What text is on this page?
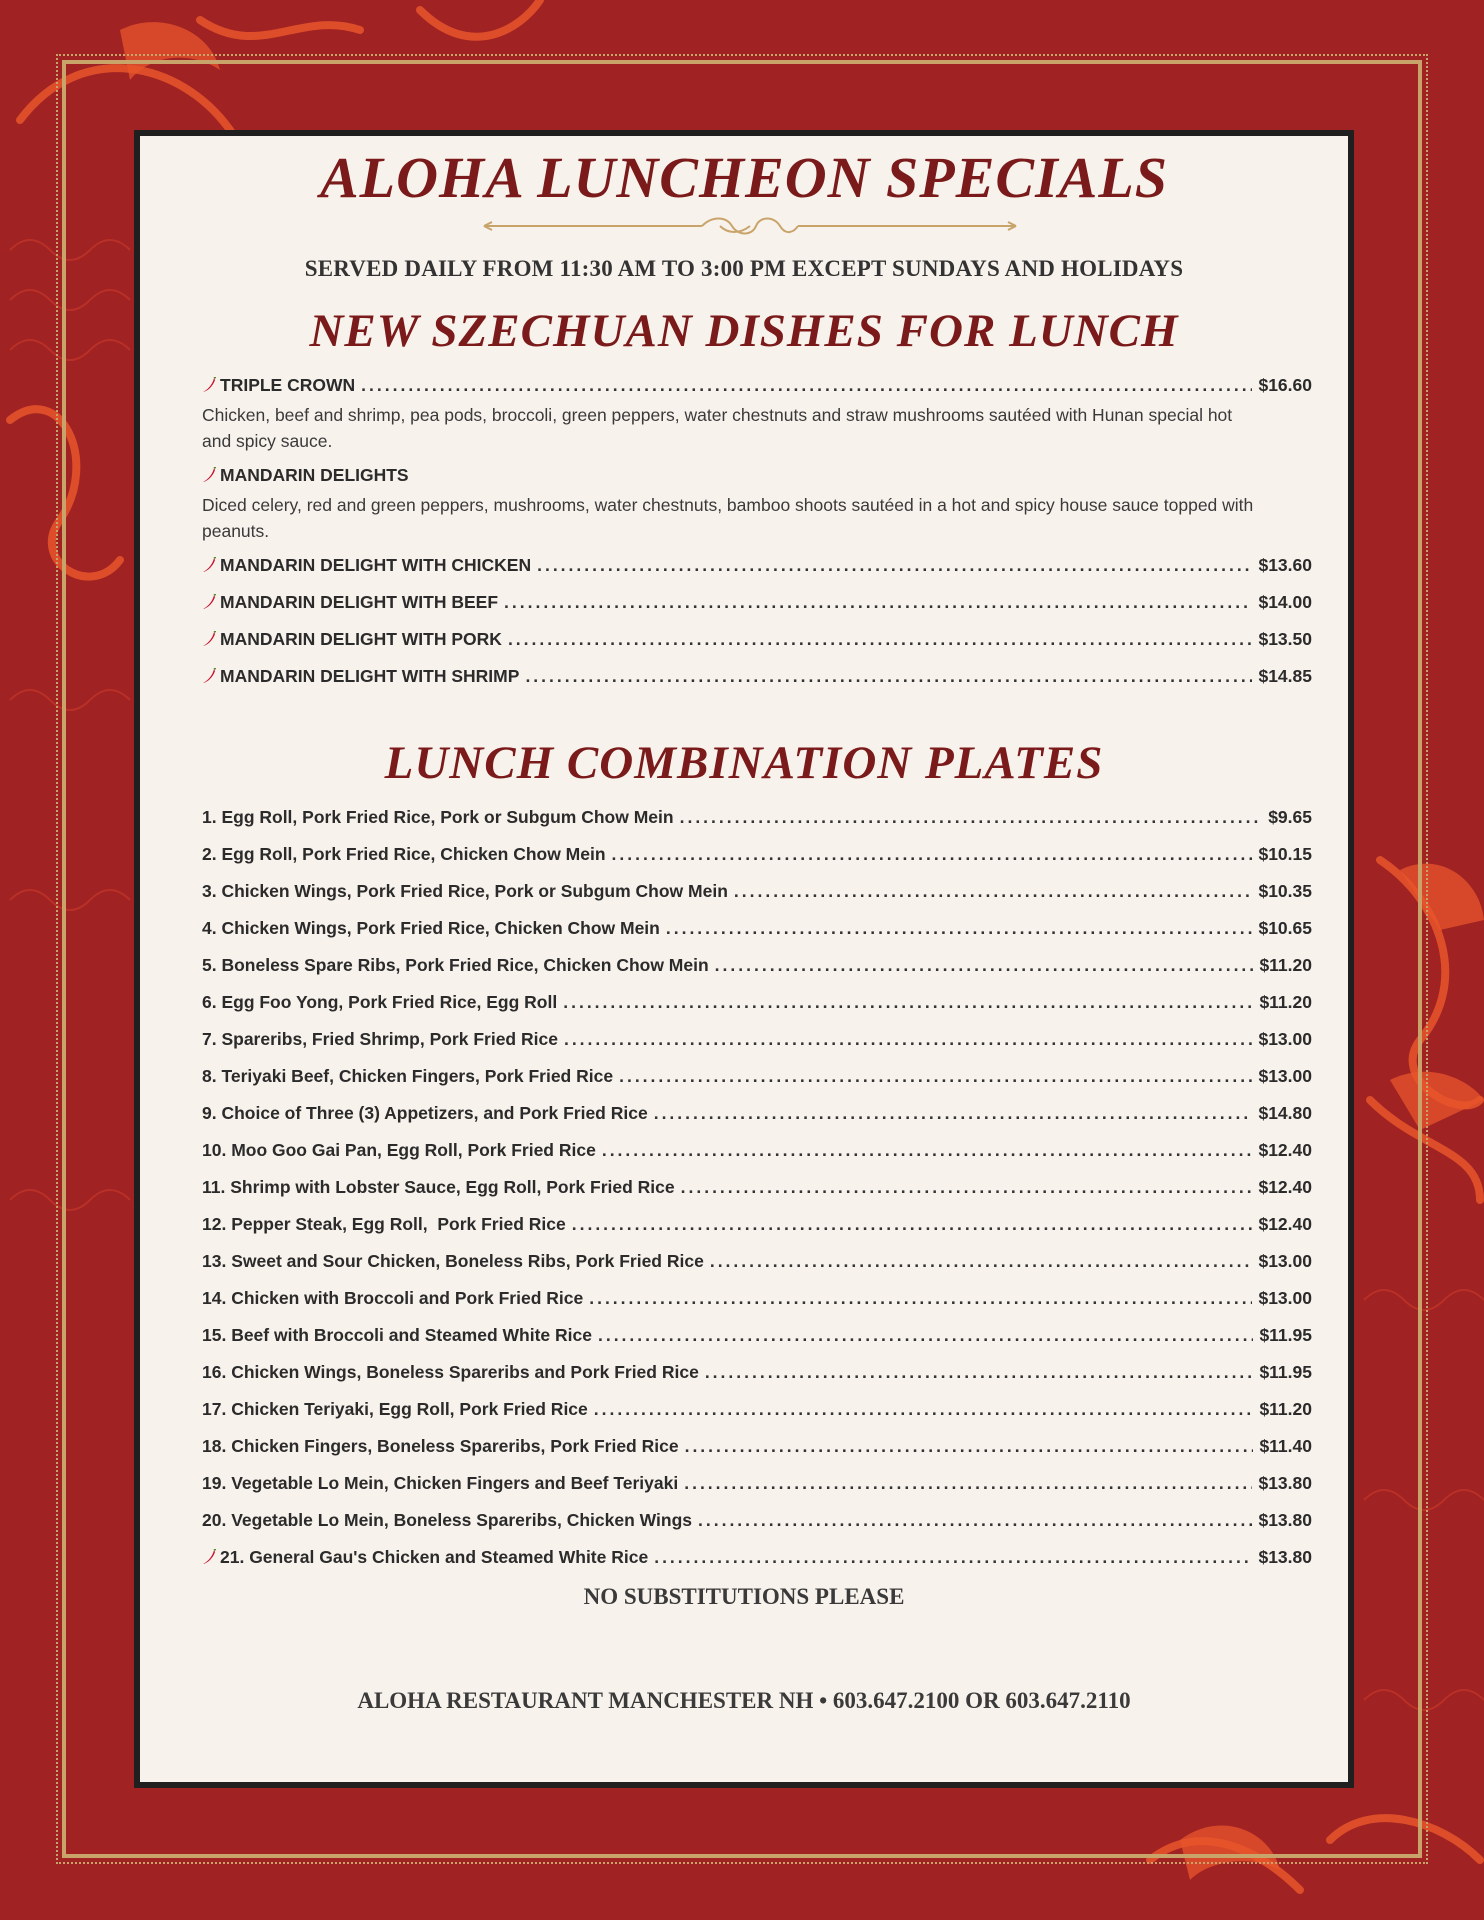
ALOHA LUNCHEON SPECIALS
SERVED DAILY FROM 11:30 AM TO 3:00 PM EXCEPT SUNDAYS AND HOLIDAYS
NEW SZECHUAN DISHES FOR LUNCH
TRIPLE CROWN .....	$16.60
Chicken, beef and shrimp, pea pods, broccoli, green peppers, water chestnuts and straw mushrooms sautéed with Hunan special hot and spicy sauce.
MANDARIN DELIGHTS
Diced celery, red and green peppers, mushrooms, water chestnuts, bamboo shoots sautéed in a hot and spicy house sauce topped with peanuts.
MANDARIN DELIGHT WITH CHICKEN .....	$13.60
MANDARIN DELIGHT WITH BEEF .....	$14.00
MANDARIN DELIGHT WITH PORK .....	$13.50
MANDARIN DELIGHT WITH SHRIMP .....	$14.85
LUNCH COMBINATION PLATES
1. Egg Roll, Pork Fried Rice, Pork or Subgum Chow Mein .....	$9.65
2. Egg Roll, Pork Fried Rice, Chicken Chow Mein .....	$10.15
3. Chicken Wings, Pork Fried Rice, Pork or Subgum Chow Mein .....	$10.35
4. Chicken Wings, Pork Fried Rice, Chicken Chow Mein .....	$10.65
5. Boneless Spare Ribs, Pork Fried Rice, Chicken Chow Mein .....	$11.20
6. Egg Foo Yong, Pork Fried Rice, Egg Roll .....	$11.20
7. Spareribs, Fried Shrimp, Pork Fried Rice .....	$13.00
8. Teriyaki Beef, Chicken Fingers, Pork Fried Rice .....	$13.00
9. Choice of Three (3) Appetizers, and Pork Fried Rice .....	$14.80
10. Moo Goo Gai Pan, Egg Roll, Pork Fried Rice .....	$12.40
11. Shrimp with Lobster Sauce, Egg Roll, Pork Fried Rice .....	$12.40
12. Pepper Steak, Egg Roll,  Pork Fried Rice .....	$12.40
13. Sweet and Sour Chicken, Boneless Ribs, Pork Fried Rice .....	$13.00
14. Chicken with Broccoli and Pork Fried Rice .....	$13.00
15. Beef with Broccoli and Steamed White Rice .....	$11.95
16. Chicken Wings, Boneless Spareribs and Pork Fried Rice .....	$11.95
17. Chicken Teriyaki, Egg Roll, Pork Fried Rice .....	$11.20
18. Chicken Fingers, Boneless Spareribs, Pork Fried Rice .....	$11.40
19. Vegetable Lo Mein, Chicken Fingers and Beef Teriyaki .....	$13.80
20. Vegetable Lo Mein, Boneless Spareribs, Chicken Wings .....	$13.80
21. General Gau's Chicken and Steamed White Rice .....	$13.80
NO SUBSTITUTIONS PLEASE
ALOHA RESTAURANT MANCHESTER NH • 603.647.2100 OR 603.647.2110
